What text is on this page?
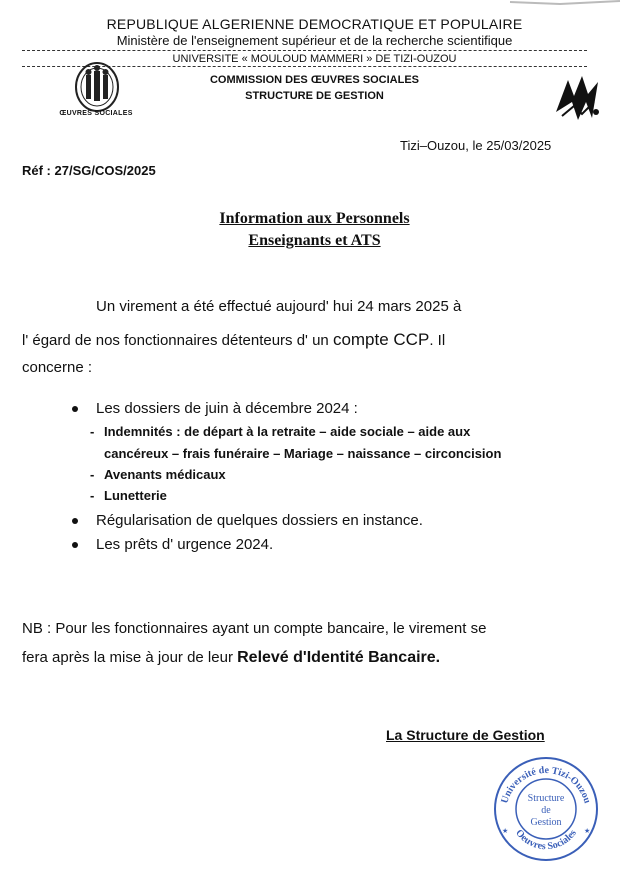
REPUBLIQUE ALGERIENNE DEMOCRATIQUE ET POPULAIRE
Ministère de l'enseignement supérieur et de la recherche scientifique
UNIVERSITE « MOULOUD MAMMERI » DE TIZI-OUZOU
COMMISSION DES ŒUVRES SOCIALES
STRUCTURE DE GESTION
ŒUVRES SOCIALES
Tizi–Ouzou, le 25/03/2025
Réf : 27/SG/COS/2025
Information aux Personnels
Enseignants et ATS
Un virement a été effectué aujourd' hui 24 mars 2025 à
l' égard de nos fonctionnaires détenteurs d' un compte CCP. Il
concerne :
Les dossiers de juin à décembre 2024 :
- Indemnités : de départ à la retraite – aide sociale – aide aux
cancéreux – frais funéraire – Mariage – naissance – circoncision
- Avenants médicaux
- Lunetterie
Régularisation de quelques dossiers en instance.
Les prêts d' urgence 2024.
NB : Pour les fonctionnaires ayant un compte bancaire, le virement se
fera après la mise à jour de leur Relevé d'Identité Bancaire.
La Structure de Gestion
Université de Tizi-Ouzou
Oeuvres Sociales
Structure
de
Gestion
★	★
